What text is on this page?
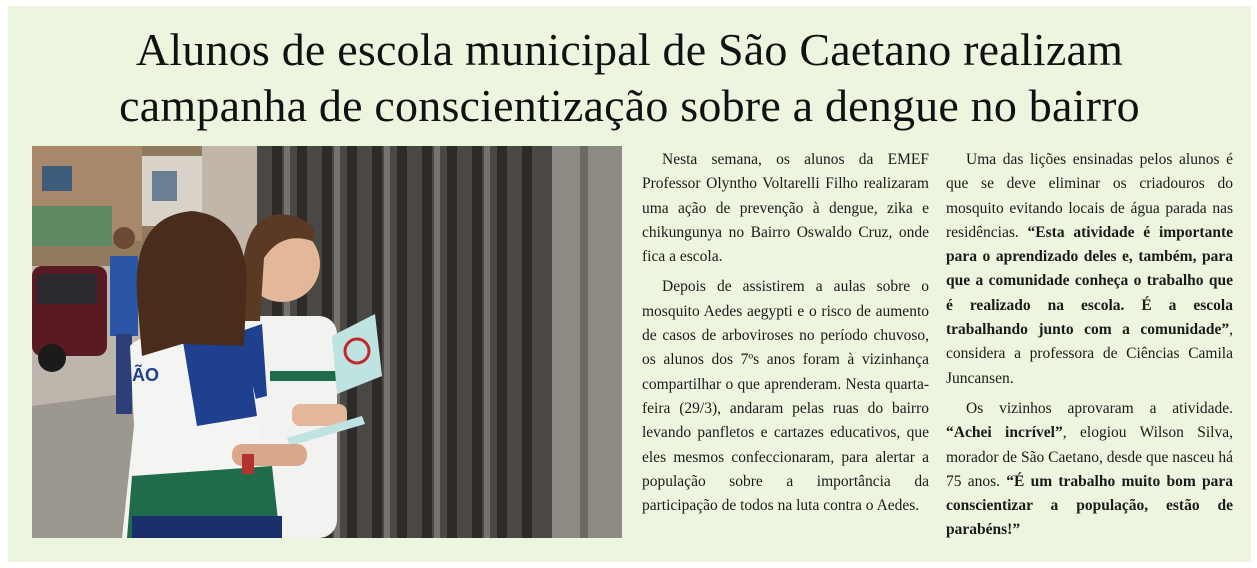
Alunos de escola municipal de São Caetano realizam
campanha de conscientização sobre a dengue no bairro
ÃO

Nesta semana, os alunos da EMEF Professor Olyntho Voltarelli Filho realizaram uma ação de prevenção à dengue, zika e chikungunya no Bairro Oswaldo Cruz, onde fica a escola.

Depois de assistirem a aulas sobre o mosquito Aedes aegypti e o risco de aumento de casos de arboviroses no período chuvoso, os alunos dos 7ºs anos foram à vizinhança compartilhar o que aprenderam. Nesta quarta-feira (29/3), andaram pelas ruas do bairro levando panfletos e cartazes educativos, que eles mesmos confeccionaram, para alertar a população sobre a importância da participação de todos na luta contra o Aedes.

Uma das lições ensinadas pelos alunos é que se deve eliminar os criadouros do mosquito evitando locais de água parada nas residências. “Esta atividade é importante para o aprendizado deles e, também, para que a comunidade conheça o trabalho que é realizado na escola. É a escola trabalhando junto com a comunidade”, considera a professora de Ciências Camila Juncansen.

Os vizinhos aprovaram a atividade. “Achei incrível”, elogiou Wilson Silva, morador de São Caetano, desde que nasceu há 75 anos. “É um trabalho muito bom para conscientizar a população, estão de parabéns!”
